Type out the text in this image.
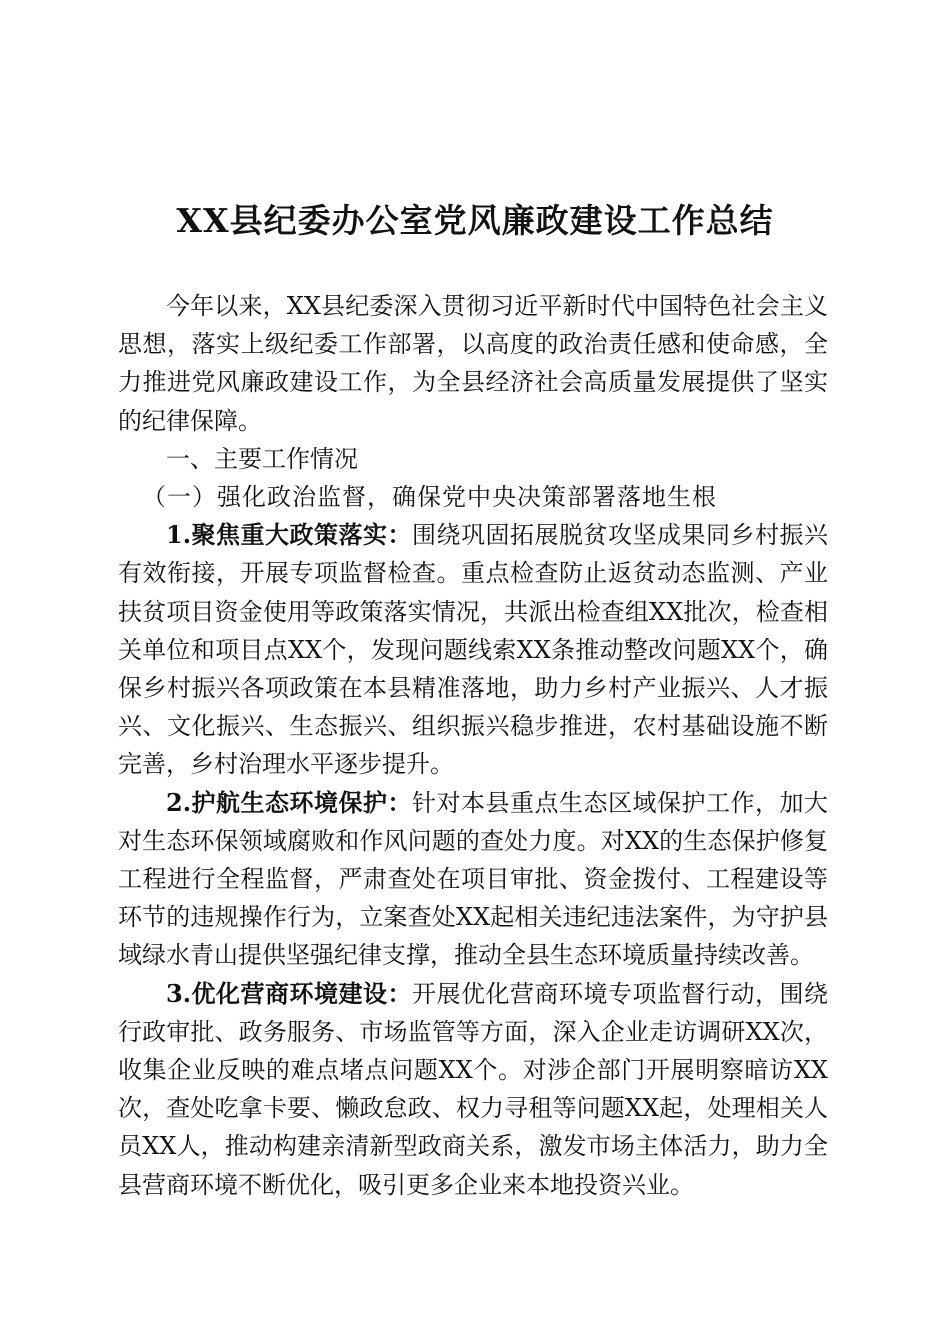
XX县纪委办公室党风廉政建设工作总结

今年以来，XX县纪委深入贯彻习近平新时代中国特色社会主义思想，落实上级纪委工作部署，以高度的政治责任感和使命感，全力推进党风廉政建设工作，为全县经济社会高质量发展提供了坚实的纪律保障。

一、主要工作情况

（一）强化政治监督，确保党中央决策部署落地生根

1.聚焦重大政策落实：围绕巩固拓展脱贫攻坚成果同乡村振兴有效衔接，开展专项监督检查。重点检查防止返贫动态监测、产业扶贫项目资金使用等政策落实情况，共派出检查组XX批次，检查相关单位和项目点XX个，发现问题线索XX条推动整改问题XX个，确保乡村振兴各项政策在本县精准落地，助力乡村产业振兴、人才振兴、文化振兴、生态振兴、组织振兴稳步推进，农村基础设施不断完善，乡村治理水平逐步提升。

2.护航生态环境保护：针对本县重点生态区域保护工作，加大对生态环保领域腐败和作风问题的查处力度。对XX的生态保护修复工程进行全程监督，严肃查处在项目审批、资金拨付、工程建设等环节的违规操作行为，立案查处XX起相关违纪违法案件，为守护县域绿水青山提供坚强纪律支撑，推动全县生态环境质量持续改善。

3.优化营商环境建设：开展优化营商环境专项监督行动，围绕行政审批、政务服务、市场监管等方面，深入企业走访调研XX次，收集企业反映的难点堵点问题XX个。对涉企部门开展明察暗访XX次，查处吃拿卡要、懒政怠政、权力寻租等问题XX起，处理相关人员XX人，推动构建亲清新型政商关系，激发市场主体活力，助力全县营商环境不断优化，吸引更多企业来本地投资兴业。
